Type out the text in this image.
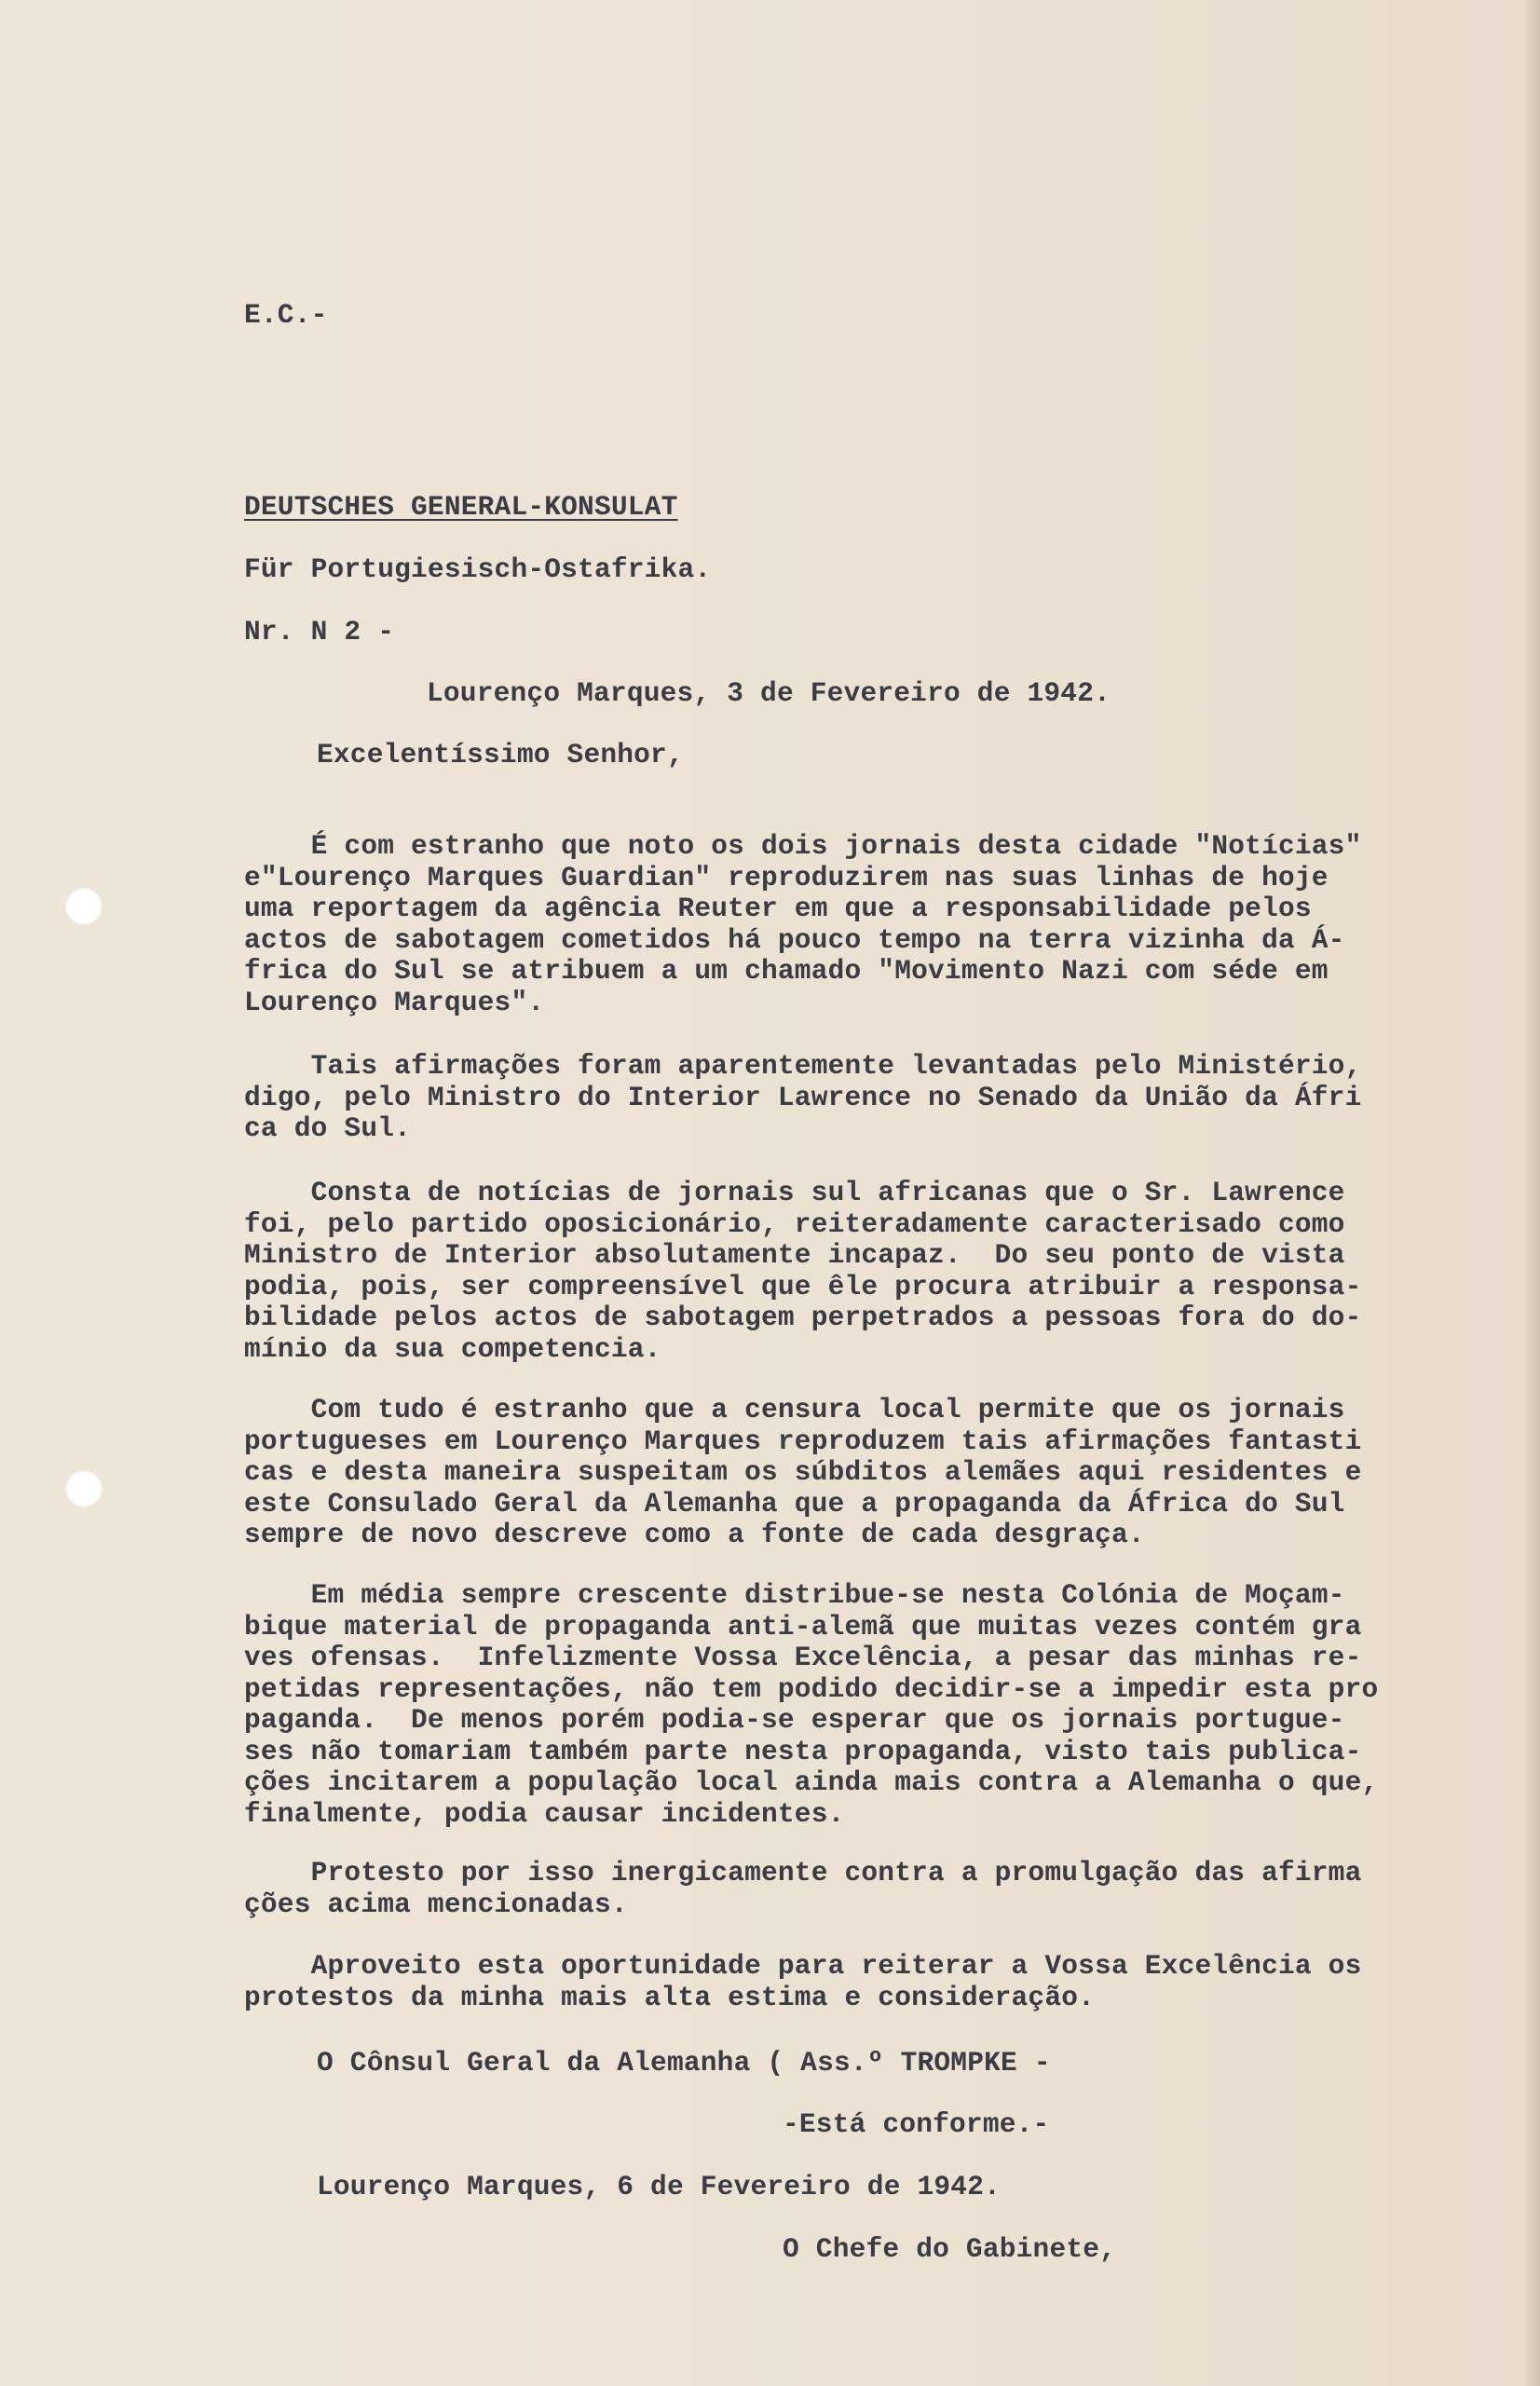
E.C.-

DEUTSCHES GENERAL-KONSULAT

Für Portugiesisch-Ostafrika.

Nr. N 2 -

Lourenço Marques, 3 de Fevereiro de 1942.

Excelentíssimo Senhor,

É com estranho que noto os dois jornais desta cidade "Notícias"
e"Lourenço Marques Guardian" reproduzirem nas suas linhas de hoje
uma reportagem da agência Reuter em que a responsabilidade pelos
actos de sabotagem cometidos há pouco tempo na terra vizinha da Á-
frica do Sul se atribuem a um chamado "Movimento Nazi com séde em
Lourenço Marques".

Tais afirmações foram aparentemente levantadas pelo Ministério,
digo, pelo Ministro do Interior Lawrence no Senado da União da Áfri
ca do Sul.

Consta de notícias de jornais sul africanas que o Sr. Lawrence
foi, pelo partido oposicionário, reiteradamente caracterisado como
Ministro de Interior absolutamente incapaz.  Do seu ponto de vista
podia, pois, ser compreensível que êle procura atribuir a responsa-
bilidade pelos actos de sabotagem perpetrados a pessoas fora do do-
mínio da sua competencia.

Com tudo é estranho que a censura local permite que os jornais
portugueses em Lourenço Marques reproduzem tais afirmações fantasti
cas e desta maneira suspeitam os súbditos alemães aqui residentes e
este Consulado Geral da Alemanha que a propaganda da África do Sul
sempre de novo descreve como a fonte de cada desgraça.

Em média sempre crescente distribue-se nesta Colónia de Moçam-
bique material de propaganda anti-alemã que muitas vezes contém gra
ves ofensas.  Infelizmente Vossa Excelência, a pesar das minhas re-
petidas representações, não tem podido decidir-se a impedir esta pro
paganda.  De menos porém podia-se esperar que os jornais portugue-
ses não tomariam também parte nesta propaganda, visto tais publica-
ções incitarem a população local ainda mais contra a Alemanha o que,
finalmente, podia causar incidentes.

Protesto por isso inergicamente contra a promulgação das afirma
ções acima mencionadas.

Aproveito esta oportunidade para reiterar a Vossa Excelência os
protestos da minha mais alta estima e consideração.

O Cônsul Geral da Alemanha ( Ass.º TROMPKE -

-Está conforme.-

Lourenço Marques, 6 de Fevereiro de 1942.

O Chefe do Gabinete,
